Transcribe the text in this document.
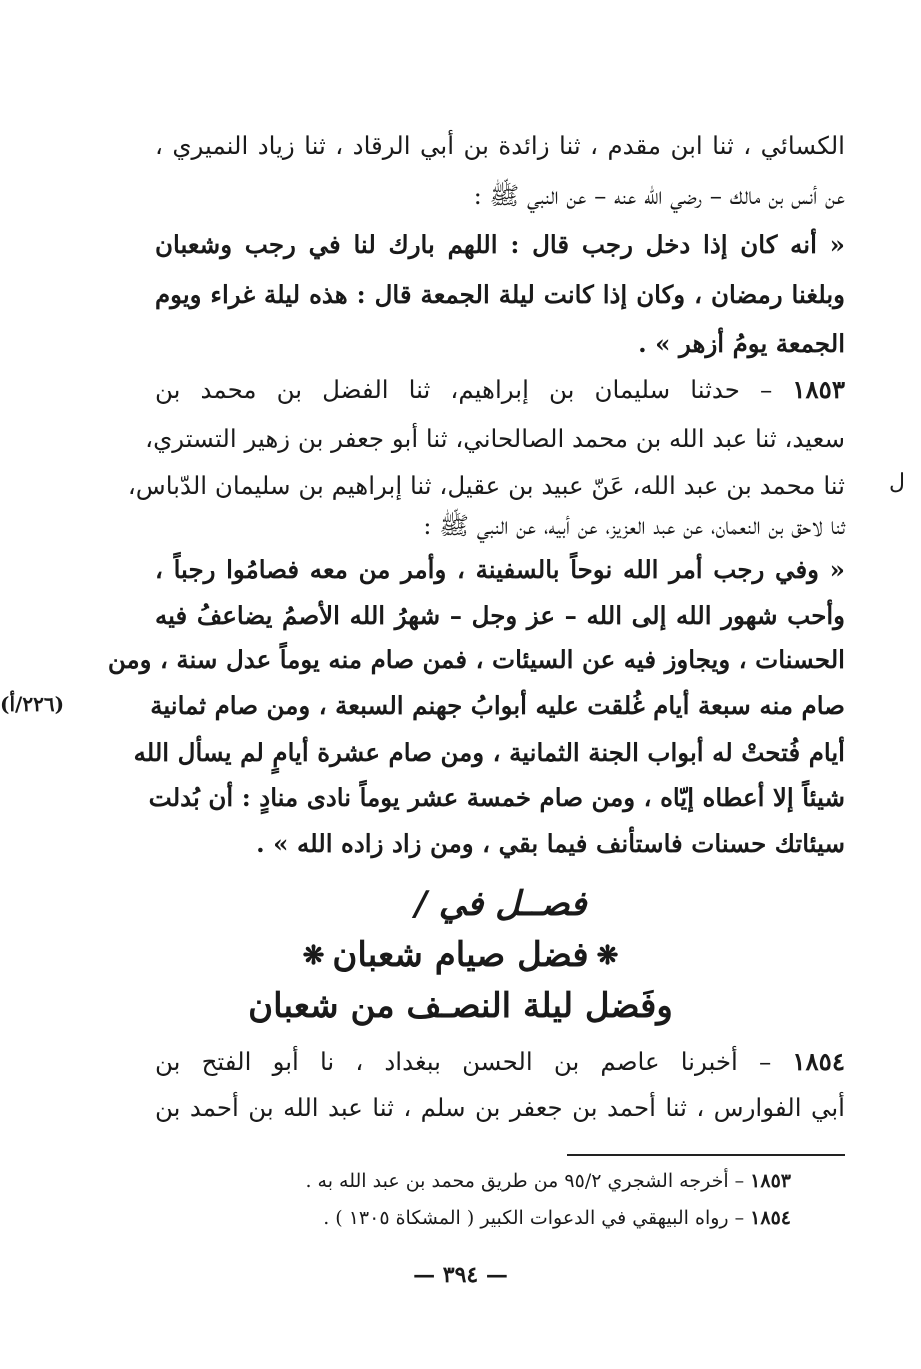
الكسائي ، ثنا ابن مقدم ، ثنا زائدة بن أبي الرقاد ، ثنا زياد النميري ،
عن أنس بن مالك – رضي الله عنه – عن النبي ﷺ :
« أنه كان إذا دخل رجب قال : اللهم بارك لنا في رجب وشعبان
وبلغنا رمضان ، وكان إذا كانت ليلة الجمعة قال : هذه ليلة غراء ويوم
الجمعة يومُ أزهر » .
١٨٥٣ – حدثنا سليمان بن إبراهيم، ثنا الفضل بن محمد بن
سعيد، ثنا عبد الله بن محمد الصالحاني، ثنا أبو جعفر بن زهير التستري،
ثنا محمد بن عبد الله، عَنّ عبيد بن عقيل، ثنا إبراهيم بن سليمان الدّباس،
ثنا لاحق بن النعمان، عن عبد العزيز، عن أبيه، عن النبي ﷺ :
ل
« وفي رجب أمر الله نوحاً بالسفينة ، وأمر من معه فصامُوا رجباً ،
وأحب شهور الله إلى الله – عز وجل – شهرُ الله الأصمُ يضاعفُ فيه
الحسنات ، ويجاوز فيه عن السيئات ، فمن صام منه يوماً عدل سنة ، ومن
صام منه سبعة أيام غُلقت عليه أبوابُ جهنم السبعة ، ومن صام ثمانية
(٢٢٦/أ)
أيام فُتحتْ له أبواب الجنة الثمانية ، ومن صام عشرة أيامٍ لم يسأل الله
شيئاً إلا أعطاه إيّاه ، ومن صام خمسة عشر يوماً نادى منادٍ : أن بُدلت
سيئاتك حسنات فاستأنف فيما بقي ، ومن زاد زاده الله » .
فصــل في /
❋فضل صيام شعبان❋
وفَضل ليلة النصـف من شعبان
١٨٥٤ – أخبرنا عاصم بن الحسن ببغداد ، نا أبو الفتح بن
أبي الفوارس ، ثنا أحمد بن جعفر بن سلم ، ثنا عبد الله بن أحمد بن
١٨٥٣ – أخرجه الشجري ٩٥/٢ من طريق محمد بن عبد الله به .
١٨٥٤ – رواه البيهقي في الدعوات الكبير ( المشكاة ١٣٠٥ ) .
— ٣٩٤ —
